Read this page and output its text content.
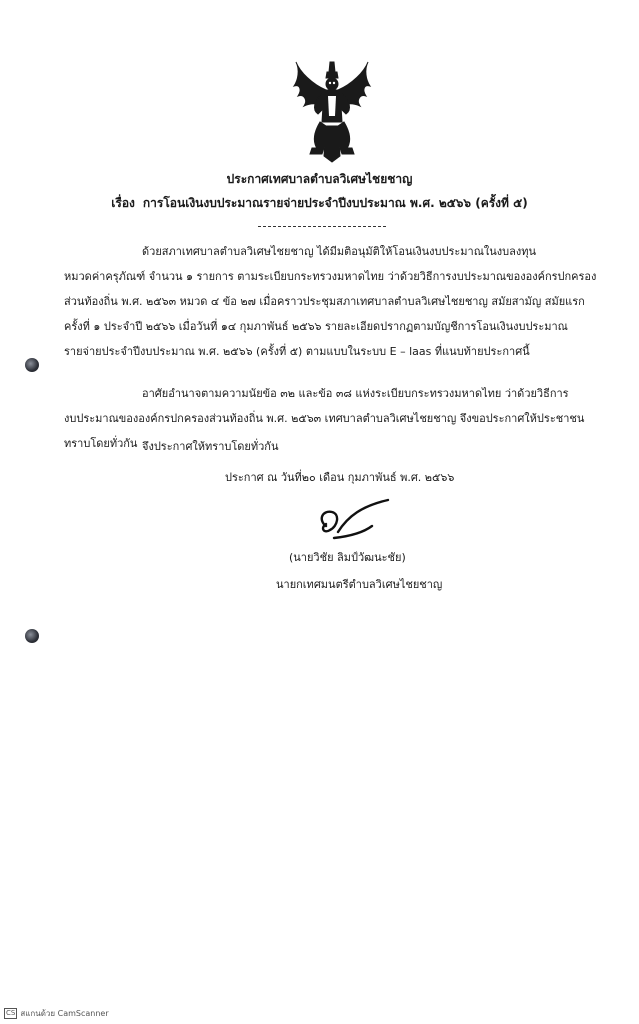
ประกาศเทศบาลตำบลวิเศษไชยชาญ
เรื่อง การโอนเงินงบประมาณรายจ่ายประจำปีงบประมาณ พ.ศ. ๒๕๖๖ (ครั้งที่ ๕)
ด้วยสภาเทศบาลตำบลวิเศษไชยชาญ ได้มีมติอนุมัติให้โอนเงินงบประมาณในงบลงทุน
หมวดค่าครุภัณฑ์ จำนวน ๑ รายการ ตามระเบียบกระทรวงมหาดไทย ว่าด้วยวิธีการงบประมาณขององค์กรปกครอง
ส่วนท้องถิ่น พ.ศ. ๒๕๖๓ หมวด ๔ ข้อ ๒๗ เมื่อคราวประชุมสภาเทศบาลตำบลวิเศษไชยชาญ สมัยสามัญ สมัยแรก
ครั้งที่ ๑ ประจำปี ๒๕๖๖ เมื่อวันที่ ๑๔ กุมภาพันธ์ ๒๕๖๖ รายละเอียดปรากฏตามบัญชีการโอนเงินงบประมาณ
รายจ่ายประจำปีงบประมาณ พ.ศ. ๒๕๖๖ (ครั้งที่ ๕) ตามแบบในระบบ E – laas ที่แนบท้ายประกาศนี้
อาศัยอำนาจตามความนัยข้อ ๓๒ และข้อ ๓๘ แห่งระเบียบกระทรวงมหาดไทย ว่าด้วยวิธีการ
งบประมาณขององค์กรปกครองส่วนท้องถิ่น พ.ศ. ๒๕๖๓ เทศบาลตำบลวิเศษไชยชาญ จึงขอประกาศให้ประชาชน
ทราบโดยทั่วกัน จึงประกาศให้ทราบโดยทั่วกัน
ประกาศ ณ วันที่๒๐ เดือน กุมภาพันธ์ พ.ศ. ๒๕๖๖
(นายวิชัย ลิมป์วัฒนะชัย)
นายกเทศมนตรีตำบลวิเศษไชยชาญ
CS สแกนด้วย CamScanner
